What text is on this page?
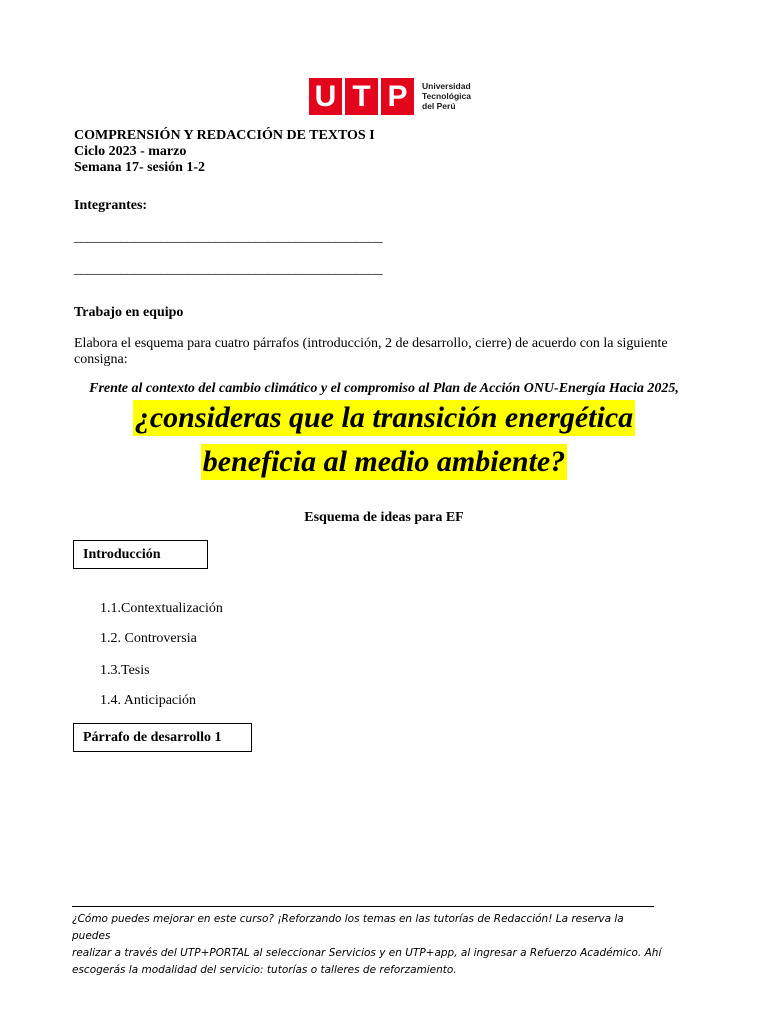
U T P	Universidad
Tecnológica
del Perú
COMPRENSIÓN Y REDACCIÓN DE TEXTOS I
Ciclo 2023 - marzo
Semana 17- sesión 1-2
Integrantes:
______________________________________________
______________________________________________
Trabajo en equipo
Elabora el esquema para cuatro párrafos (introducción, 2 de desarrollo, cierre) de acuerdo con la siguiente
consigna:
Frente al contexto del cambio climático y el compromiso al Plan de Acción ONU-Energía Hacia 2025,
¿consideras que la transición energética
beneficia al medio ambiente?
Esquema de ideas para EF
Introducción
1.1.Contextualización
1.2. Controversia
1.3.Tesis
1.4. Anticipación
Párrafo de desarrollo 1
¿Cómo puedes mejorar en este curso? ¡Reforzando los temas en las tutorías de Redacción! La reserva la puedes
realizar a través del UTP+PORTAL al seleccionar Servicios y en UTP+app, al ingresar a Refuerzo Académico. Ahí
escogerás la modalidad del servicio: tutorías o talleres de reforzamiento.
